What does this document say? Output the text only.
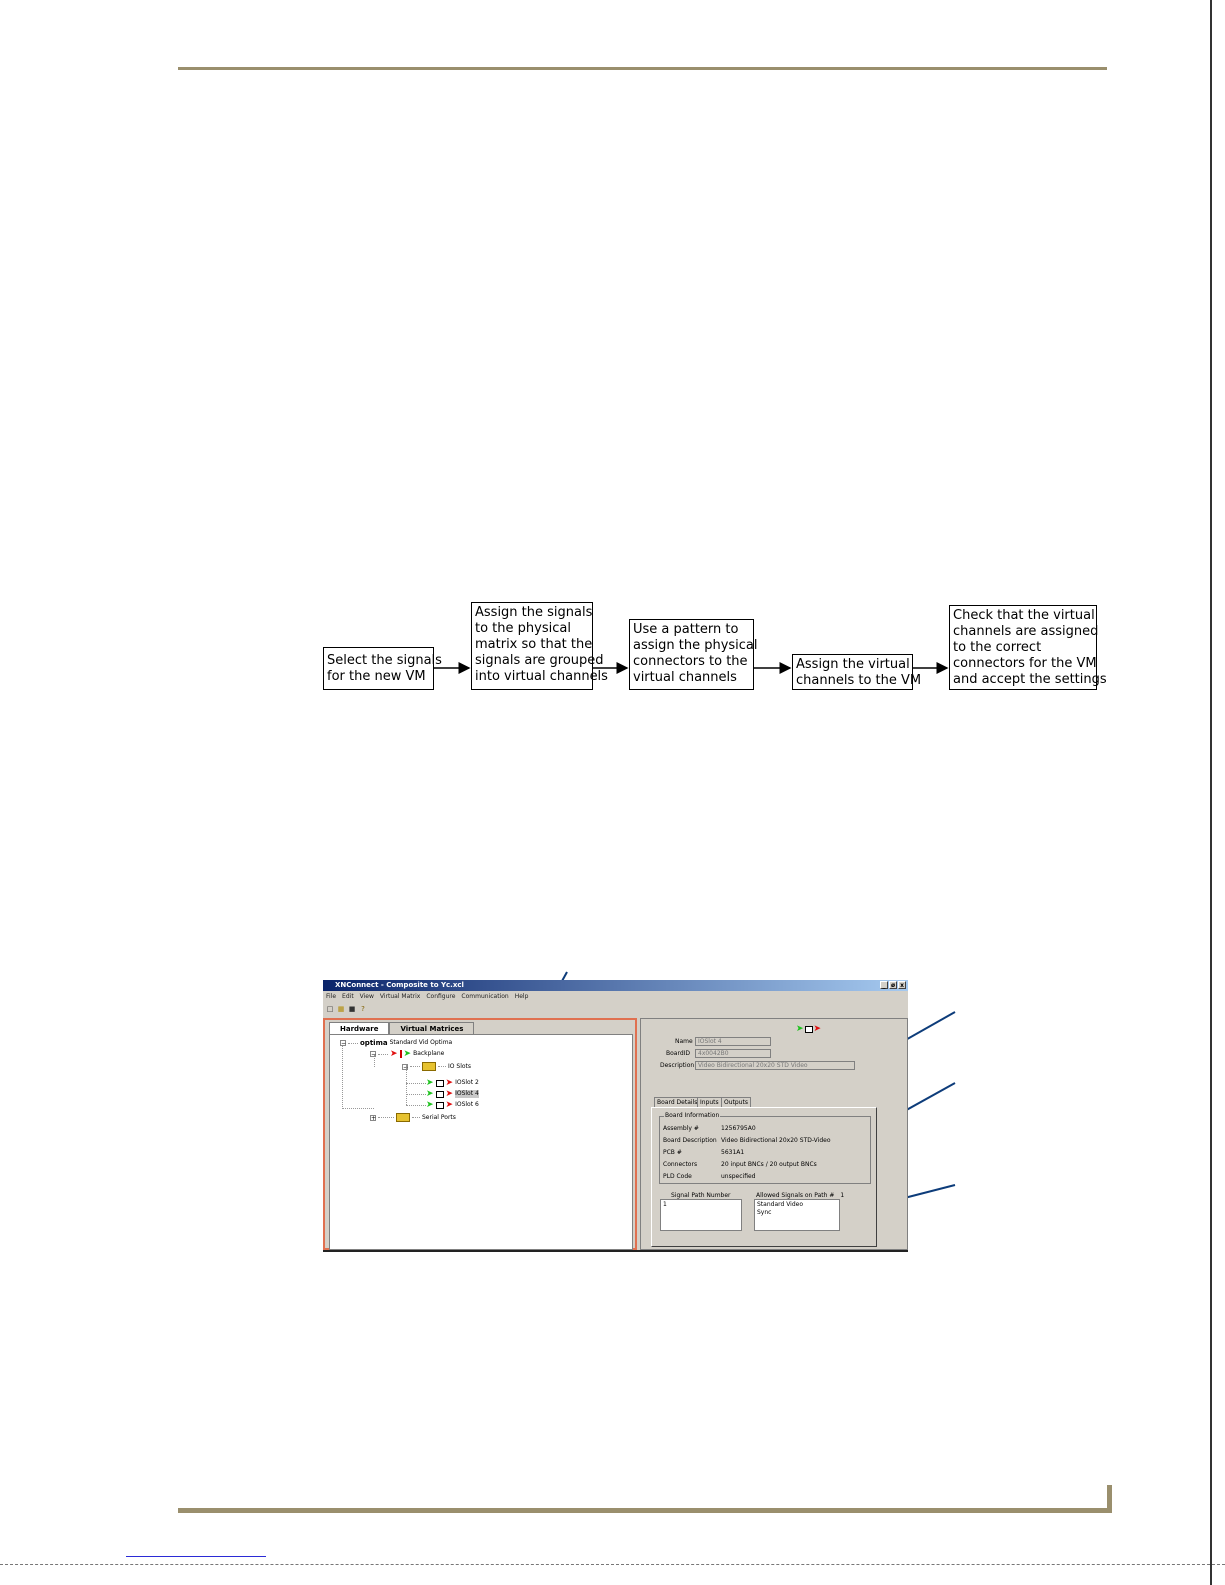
Select the signals
for the new VM
Assign the signals
to the physical
matrix so that the
signals are grouped
into virtual channels
Use a pattern to
assign the physical
connectors to the
virtual channels
Assign the virtual
channels to the VM
Check that the virtual
channels are assigned
to the correct
connectors for the VM
and accept the settings
XNConnect - Composite to Yc.xcl	_ ø x
File Edit View Virtual Matrix Configure Communication Help
□ ▦ ■ ?
Hardware	Virtual Matrices
− optima Standard Vid Optima
− ➤ ➤ Backplane
−	IO Slots
➤ ➤ IOSlot 2
➤ ➤ IOSlot 4
➤ ➤ IOSlot 6
+	Serial Ports
➤ ➤
Name IOSlot 4
BoardID	4x0042B0
Description Video Bidirectional 20x20 STD Video
Board Details Inputs Outputs
Board Information
Assembly #	1256795A0
Board Description Video Bidirectional 20x20 STD-Video
PCB #	5631A1
Connectors	20 input BNCs / 20 output BNCs
PLD Code	unspecified
Signal Path Number
1
Allowed Signals on Path # 1
Standard Video
Sync
